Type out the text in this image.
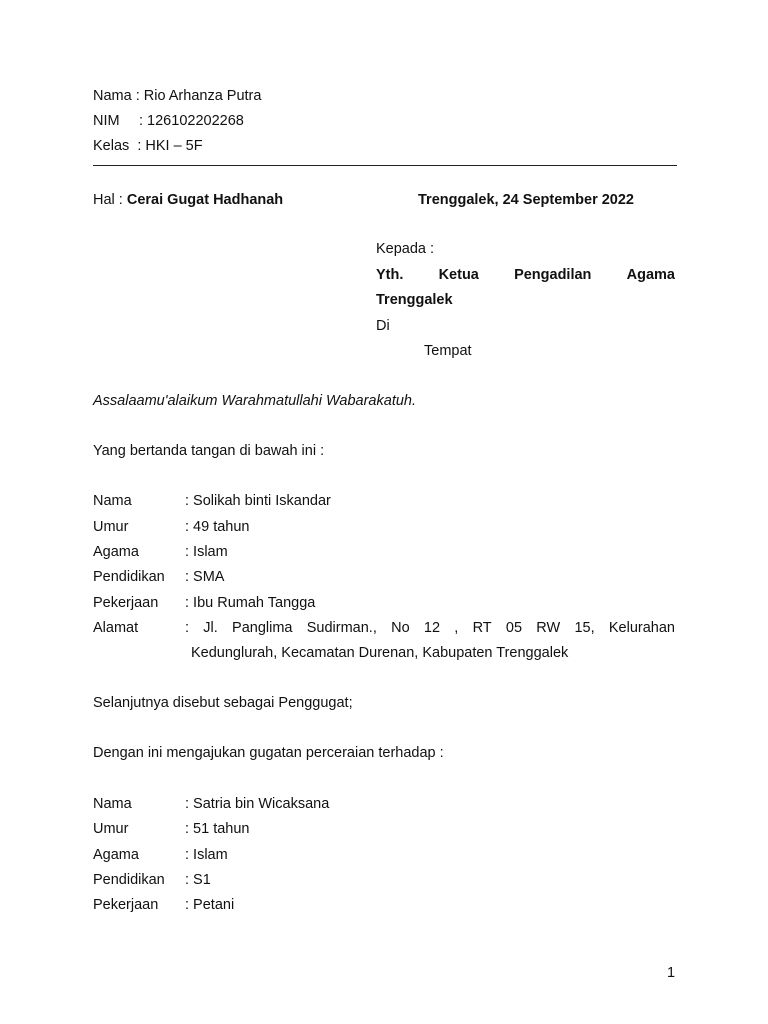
Nama : Rio Arhanza Putra
NIM : 126102202268
Kelas  : HKI – 5F
Hal : Cerai Gugat Hadhanah	Trenggalek, 24 September 2022
Kepada :
Yth. Ketua Pengadilan Agama
Trenggalek
Di
Tempat
Assalaamu'alaikum Warahmatullahi Wabarakatuh.
Yang bertanda tangan di bawah ini :
Nama	: Solikah binti Iskandar
Umur	: 49 tahun
Agama	: Islam
Pendidikan : SMA
Pekerjaan : Ibu Rumah Tangga
Alamat	: Jl. Panglima Sudirman., No 12 , RT 05 RW 15, Kelurahan
Kedunglurah, Kecamatan Durenan, Kabupaten Trenggalek
Selanjutnya disebut sebagai Penggugat;
Dengan ini mengajukan gugatan perceraian terhadap :
Nama	: Satria bin Wicaksana
Umur	: 51 tahun
Agama	: Islam
Pendidikan : S1
Pekerjaan : Petani
1
